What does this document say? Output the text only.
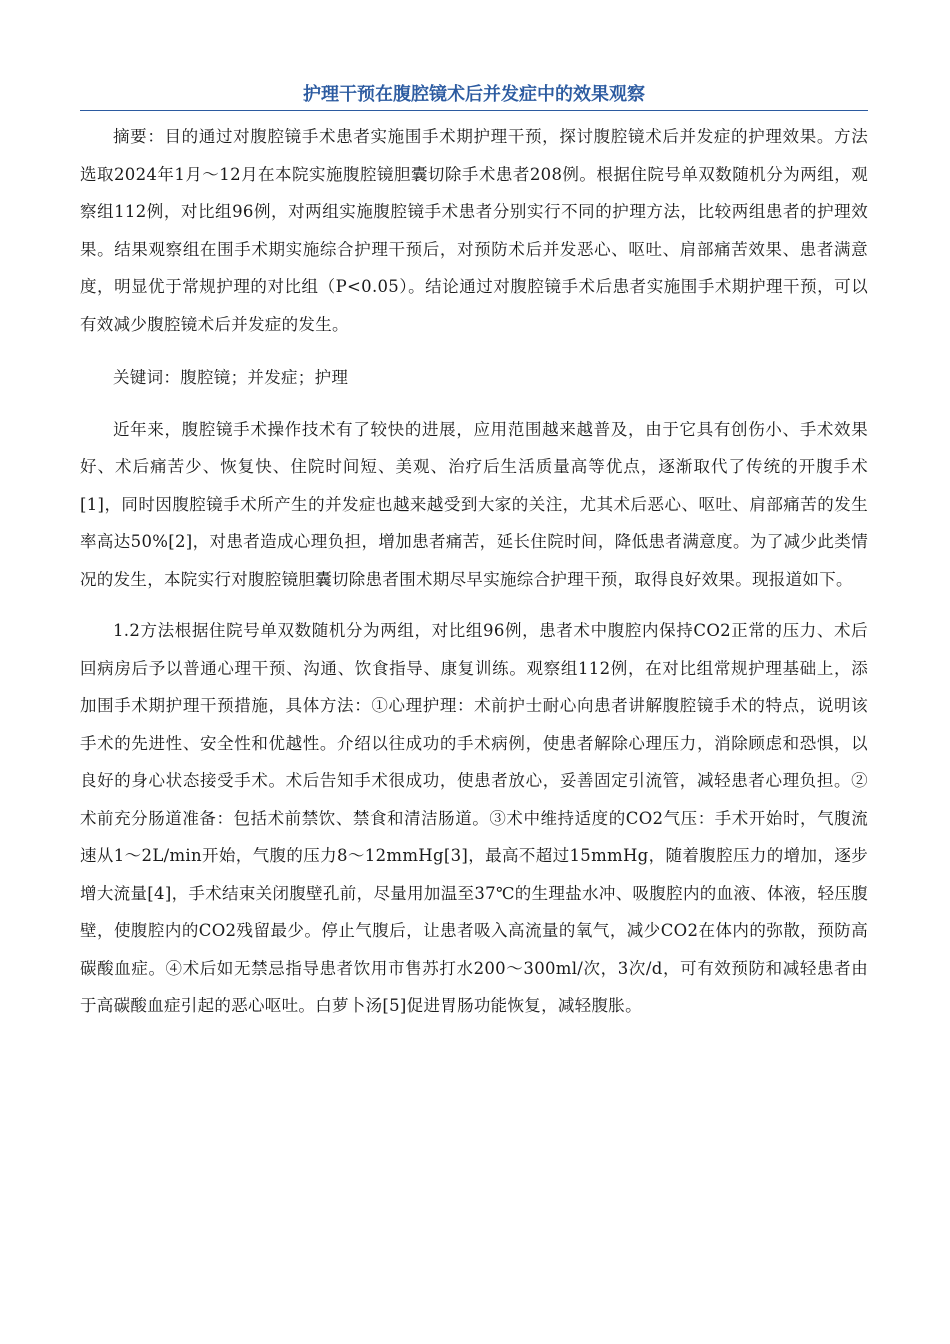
护理干预在腹腔镜术后并发症中的效果观察

摘要：目的通过对腹腔镜手术患者实施围手术期护理干预，探讨腹腔镜术后并发症的护理效果。方法选取2024年1月～12月在本院实施腹腔镜胆囊切除手术患者208例。根据住院号单双数随机分为两组，观察组112例，对比组96例，对两组实施腹腔镜手术患者分别实行不同的护理方法，比较两组患者的护理效果。结果观察组在围手术期实施综合护理干预后，对预防术后并发恶心、呕吐、肩部痛苦效果、患者满意度，明显优于常规护理的对比组（P<0.05）。结论通过对腹腔镜手术后患者实施围手术期护理干预，可以有效减少腹腔镜术后并发症的发生。

关键词：腹腔镜；并发症；护理

近年来，腹腔镜手术操作技术有了较快的进展，应用范围越来越普及，由于它具有创伤小、手术效果好、术后痛苦少、恢复快、住院时间短、美观、治疗后生活质量高等优点，逐渐取代了传统的开腹手术[1]，同时因腹腔镜手术所产生的并发症也越来越受到大家的关注，尤其术后恶心、呕吐、肩部痛苦的发生率高达50%[2]，对患者造成心理负担，增加患者痛苦，延长住院时间，降低患者满意度。为了减少此类情况的发生，本院实行对腹腔镜胆囊切除患者围术期尽早实施综合护理干预，取得良好效果。现报道如下。

1.2方法根据住院号单双数随机分为两组，对比组96例，患者术中腹腔内保持CO2正常的压力、术后回病房后予以普通心理干预、沟通、饮食指导、康复训练。观察组112例，在对比组常规护理基础上，添加围手术期护理干预措施，具体方法：①心理护理：术前护士耐心向患者讲解腹腔镜手术的特点，说明该手术的先进性、安全性和优越性。介绍以往成功的手术病例，使患者解除心理压力，消除顾虑和恐惧，以良好的身心状态接受手术。术后告知手术很成功，使患者放心，妥善固定引流管，减轻患者心理负担。②术前充分肠道准备：包括术前禁饮、禁食和清洁肠道。③术中维持适度的CO2气压：手术开始时，气腹流速从1～2L/min开始，气腹的压力8～12mmHg[3]，最高不超过15mmHg，随着腹腔压力的增加，逐步增大流量[4]，手术结束关闭腹壁孔前，尽量用加温至37℃的生理盐水冲、吸腹腔内的血液、体液，轻压腹壁，使腹腔内的CO2残留最少。停止气腹后，让患者吸入高流量的氧气，减少CO2在体内的弥散，预防高碳酸血症。④术后如无禁忌指导患者饮用市售苏打水200～300ml/次，3次/d，可有效预防和减轻患者由于高碳酸血症引起的恶心呕吐。白萝卜汤[5]促进胃肠功能恢复，减轻腹胀。
